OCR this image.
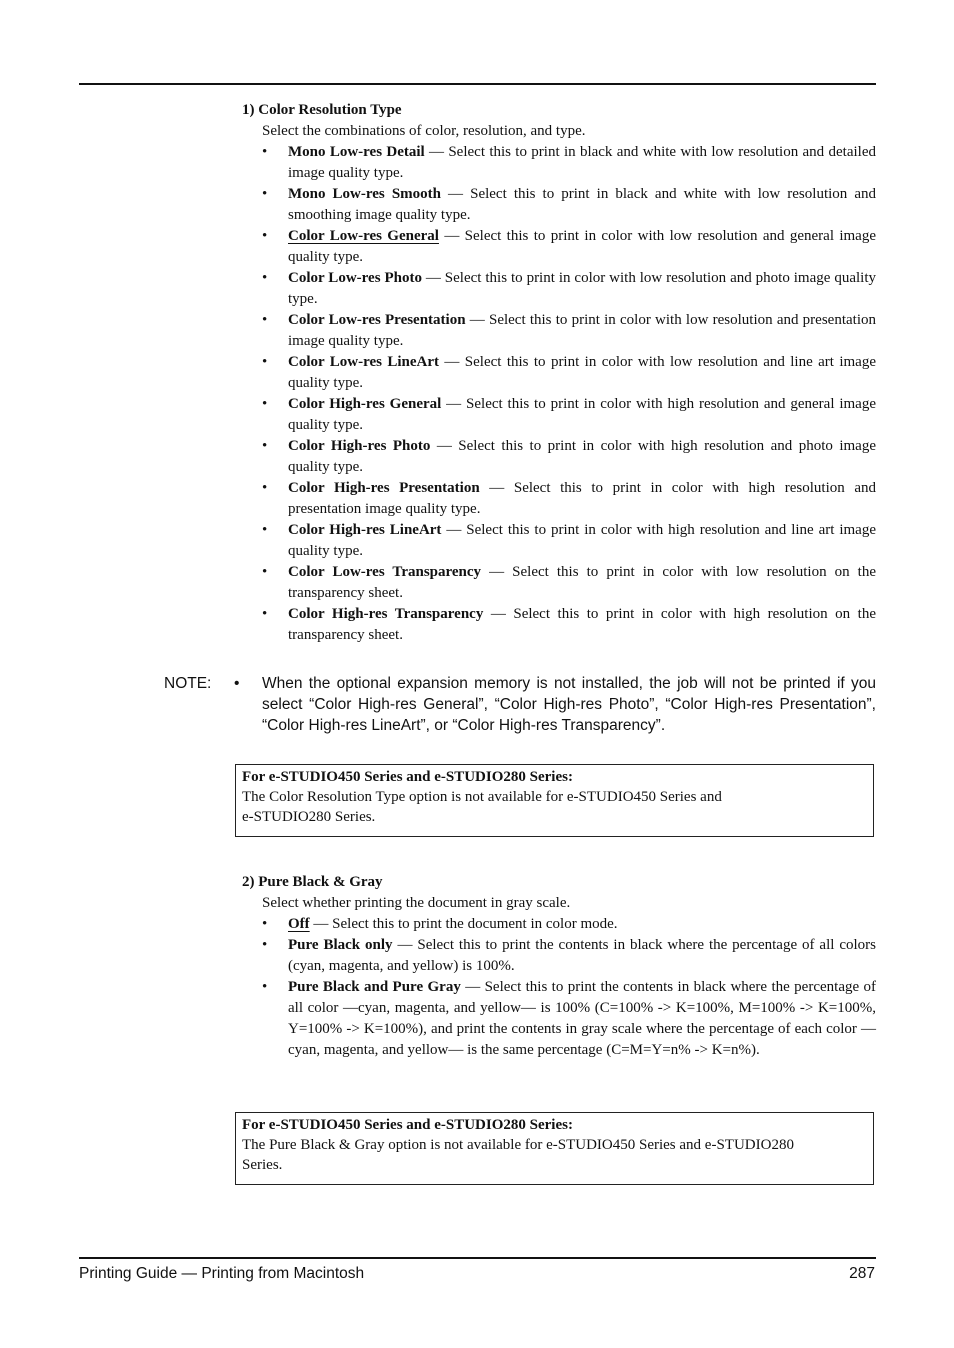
1) Color Resolution Type
Select the combinations of color, resolution, and type.
• Mono Low-res Detail — Select this to print in black and white with low resolution and detailed image quality type.
• Mono Low-res Smooth — Select this to print in black and white with low resolution and smoothing image quality type.
• Color Low-res General — Select this to print in color with low resolution and general image quality type.
• Color Low-res Photo — Select this to print in color with low resolution and photo image quality type.
• Color Low-res Presentation — Select this to print in color with low resolution and presentation image quality type.
• Color Low-res LineArt — Select this to print in color with low resolution and line art image quality type.
• Color High-res General — Select this to print in color with high resolution and general image quality type.
• Color High-res Photo — Select this to print in color with high resolution and photo image quality type.
• Color High-res Presentation — Select this to print in color with high resolution and presentation image quality type.
• Color High-res LineArt — Select this to print in color with high resolution and line art image quality type.
• Color Low-res Transparency — Select this to print in color with low resolution on the transparency sheet.
• Color High-res Transparency — Select this to print in color with high resolution on the transparency sheet.
NOTE: • When the optional expansion memory is not installed, the job will not be printed if you select “Color High-res General”, “Color High-res Photo”, “Color High-res Presentation”, “Color High-res LineArt”, or “Color High-res Transparency”.
For e-STUDIO450 Series and e-STUDIO280 Series:
The Color Resolution Type option is not available for e-STUDIO450 Series and
e-STUDIO280 Series.
2) Pure Black & Gray
Select whether printing the document in gray scale.
• Off — Select this to print the document in color mode.
• Pure Black only — Select this to print the contents in black where the percentage of all colors (cyan, magenta, and yellow) is 100%.
• Pure Black and Pure Gray — Select this to print the contents in black where the percentage of all color —cyan, magenta, and yellow— is 100% (C=100% -> K=100%, M=100% -> K=100%, Y=100% -> K=100%), and print the contents in gray scale where the percentage of each color —cyan, magenta, and yellow— is the same percentage (C=M=Y=n% -> K=n%).
For e-STUDIO450 Series and e-STUDIO280 Series:
The Pure Black & Gray option is not available for e-STUDIO450 Series and e-STUDIO280
Series.
Printing Guide — Printing from Macintosh	287
